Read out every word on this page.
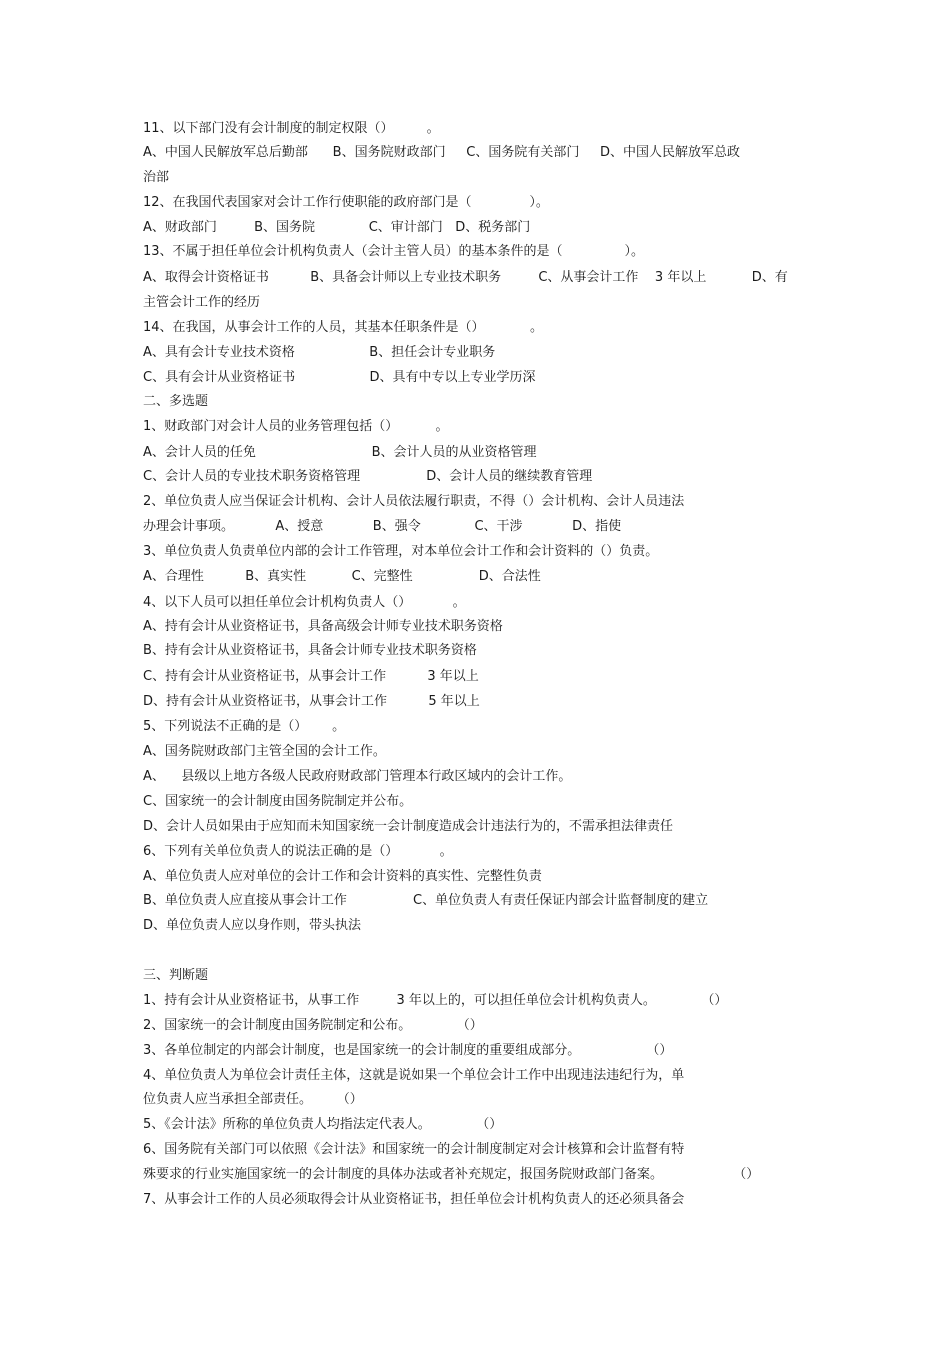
11、以下部门没有会计制度的制定权限（）        。
A、中国人民解放军总后勤部      B、国务院财政部门     C、国务院有关部门     D、中国人民解放军总政
治部
12、在我国代表国家对会计工作行使职能的政府部门是（              ）。
A、财政部门         B、国务院             C、审计部门   D、税务部门
13、不属于担任单位会计机构负责人（会计主管人员）的基本条件的是（               ）。
A、取得会计资格证书          B、具备会计师以上专业技术职务         C、从事会计工作    3 年以上           D、有
主管会计工作的经历
14、在我国，从事会计工作的人员，其基本任职条件是（）           。
A、具有会计专业技术资格                  B、担任会计专业职务
C、具有会计从业资格证书                  D、具有中专以上专业学历深
二、多选题
1、财政部门对会计人员的业务管理包括（）         。
A、会计人员的任免                            B、会计人员的从业资格管理
C、会计人员的专业技术职务资格管理                D、会计人员的继续教育管理
2、单位负责人应当保证会计机构、会计人员依法履行职责，不得（）会计机构、会计人员违法
办理会计事项。          A、授意            B、强令             C、干涉            D、指使
3、单位负责人负责单位内部的会计工作管理，对本单位会计工作和会计资料的（）负责。
A、合理性          B、真实性           C、完整性                D、合法性
4、以下人员可以担任单位会计机构负责人（）          。
A、持有会计从业资格证书，具备高级会计师专业技术职务资格
B、持有会计从业资格证书，具备会计师专业技术职务资格
C、持有会计从业资格证书，从事会计工作          3 年以上
D、持有会计从业资格证书，从事会计工作          5 年以上
5、下列说法不正确的是（）      。
A、国务院财政部门主管全国的会计工作。
A、    县级以上地方各级人民政府财政部门管理本行政区域内的会计工作。
C、国家统一的会计制度由国务院制定并公布。
D、会计人员如果由于应知而未知国家统一会计制度造成会计违法行为的，不需承担法律责任
6、下列有关单位负责人的说法正确的是（）          。
A、单位负责人应对单位的会计工作和会计资料的真实性、完整性负责
B、单位负责人应直接从事会计工作                C、单位负责人有责任保证内部会计监督制度的建立
D、单位负责人应以身作则，带头执法
三、判断题
1、持有会计从业资格证书，从事工作         3 年以上的，可以担任单位会计机构负责人。           （）
2、国家统一的会计制度由国务院制定和公布。           （）
3、各单位制定的内部会计制度，也是国家统一的会计制度的重要组成部分。                （）
4、单位负责人为单位会计责任主体，这就是说如果一个单位会计工作中出现违法违纪行为，单
位负责人应当承担全部责任。      （）
5、《会计法》所称的单位负责人均指法定代表人。           （）
6、国务院有关部门可以依照《会计法》和国家统一的会计制度制定对会计核算和会计监督有特
殊要求的行业实施国家统一的会计制度的具体办法或者补充规定，报国务院财政部门备案。                 （）
7、从事会计工作的人员必须取得会计从业资格证书，担任单位会计机构负责人的还必须具备会
